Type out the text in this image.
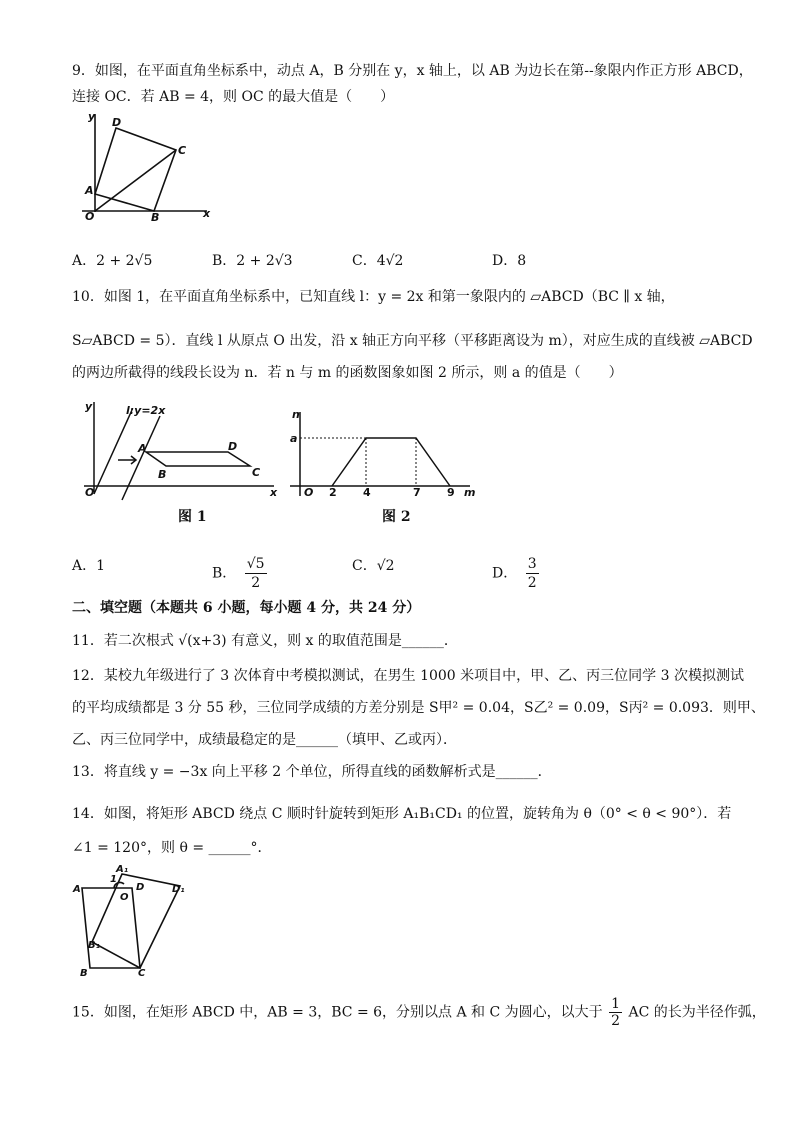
9．如图，在平面直角坐标系中，动点 A，B 分别在 y，x 轴上，以 AB 为边长在第--象限内作正方形 ABCD，
连接 OC．若 AB = 4，则 OC 的最大值是（　　）
y
x
O
A
B
C
D
A．2 + 2√5	B．2 + 2√3	C．4√2	D．8
10．如图 1，在平面直角坐标系中，已知直线 l：y = 2x 和第一象限内的 ▱ABCD（BC ∥ x 轴，
S▱ABCD = 5）．直线 l 从原点 O 出发，沿 x 轴正方向平移（平移距离设为 m），对应生成的直线被 ▱ABCD
的两边所截得的线段长设为 n．若 n 与 m 的函数图象如图 2 所示，则 a 的值是（　　）
y
x
O
l:y=2x
A
B	C
D
图 1
n
m
O
a
2 4	7 9
图 2
A．1	B． $\frac{√5}{2}$	C．√2	D． $\frac{3}{2}$
二、填空题（本题共 6 小题，每小题 4 分，共 24 分）
11．若二次根式 √(x+3) 有意义，则 x 的取值范围是______．
12．某校九年级进行了 3 次体育中考模拟测试，在男生 1000 米项目中，甲、乙、丙三位同学 3 次模拟测试
的平均成绩都是 3 分 55 秒，三位同学成绩的方差分别是 S甲² = 0.04，S乙² = 0.09，S丙² = 0.093．则甲、
乙、丙三位同学中，成绩最稳定的是______（填甲、乙或丙）．
13．将直线 y = −3x 向上平移 2 个单位，所得直线的函数解析式是______．
14．如图，将矩形 ABCD 绕点 C 顺时针旋转到矩形 A₁B₁CD₁ 的位置，旋转角为 θ（0° < θ < 90°）．若
∠1 = 120°，则 θ = ______°．
A
B	C
D
A₁
B₁
D₁
O
1
15．如图，在矩形 ABCD 中，AB = 3，BC = 6，分别以点 A 和 C 为圆心，以大于 $\frac{1}{2}$ AC 的长为半径作弧，
